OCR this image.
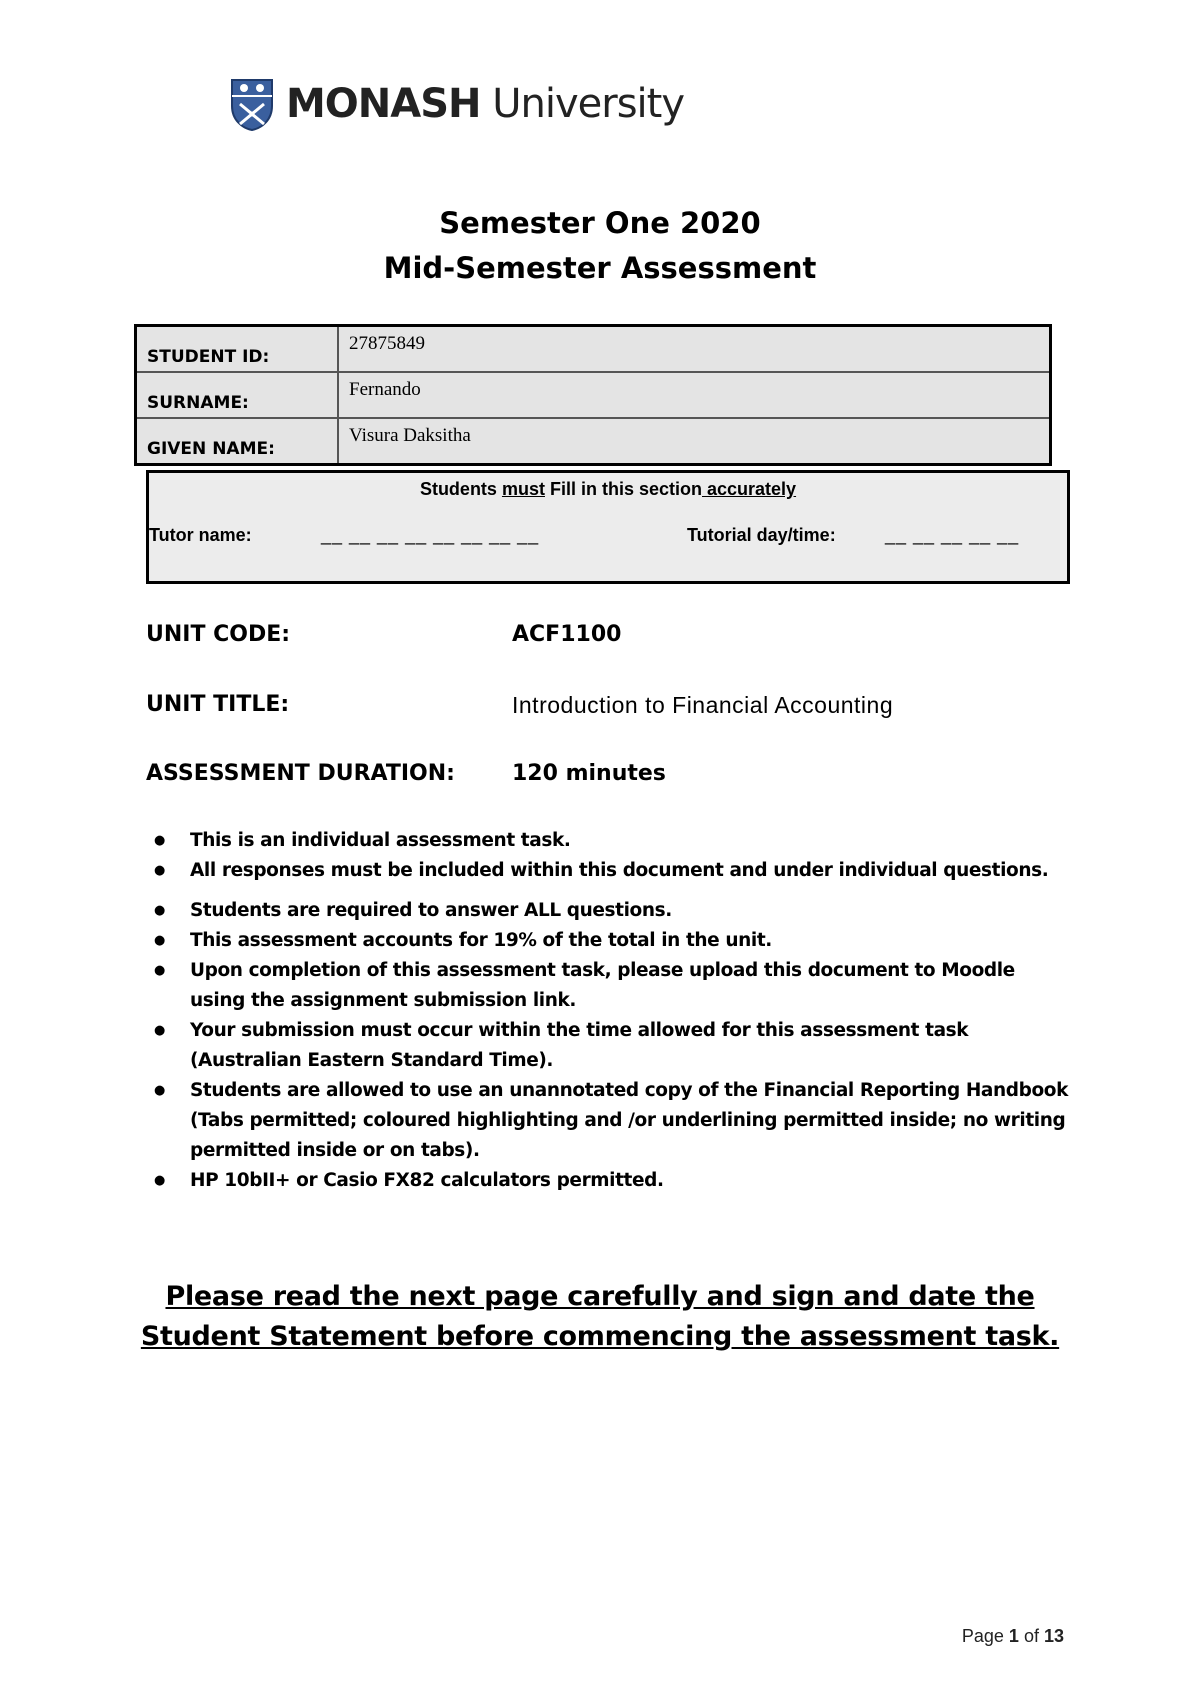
MONASH University
Semester One 2020
Mid-Semester Assessment
STUDENT ID:	27875849
SURNAME:	Fernando
GIVEN NAME:	Visura Daksitha
Students must Fill in this section accurately
Tutor name:	__ __ __ __ __ __ __ __	Tutorial day/time:	__ __ __ __ __
UNIT CODE:	ACF1100
UNIT TITLE:	Introduction to Financial Accounting
ASSESSMENT DURATION:	120 minutes
● This is an individual assessment task.
● All responses must be included within this document and under individual questions.
● Students are required to answer ALL questions.
● This assessment accounts for 19% of the total in the unit.
● Upon completion of this assessment task, please upload this document to Moodle using the assignment submission link.
● Your submission must occur within the time allowed for this assessment task (Australian Eastern Standard Time).
● Students are allowed to use an unannotated copy of the Financial Reporting Handbook (Tabs permitted; coloured highlighting and /or underlining permitted inside; no writing permitted inside or on tabs).
● HP 10bII+ or Casio FX82 calculators permitted.
Please read the next page carefully and sign and date the Student Statement before commencing the assessment task.
Page 1 of 13
